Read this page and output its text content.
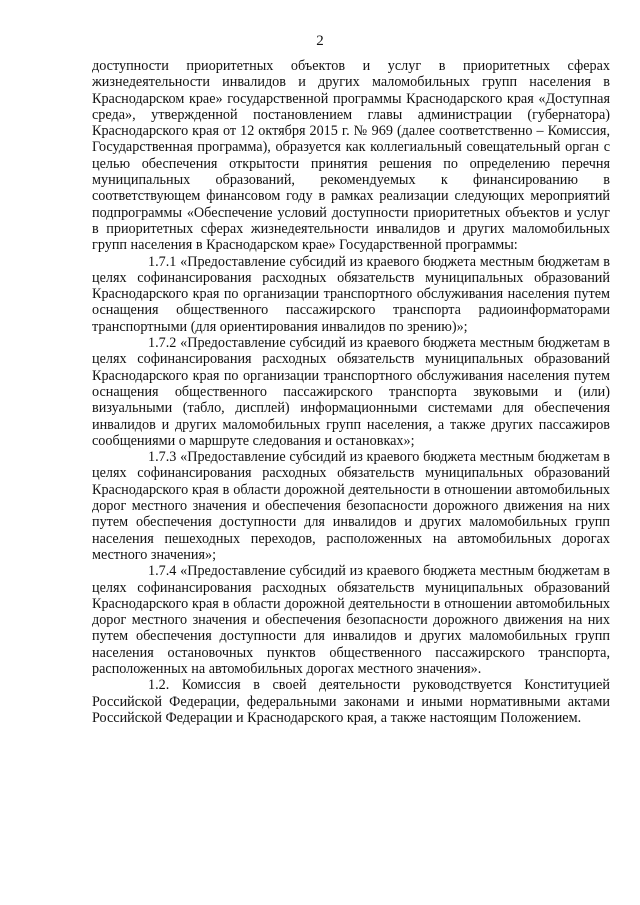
2

доступности приоритетных объектов и услуг в приоритетных сферах жизнедеятельности инвалидов и других маломобильных групп населения в Краснодарском крае» государственной программы Краснодарского края «Доступная среда», утвержденной постановлением главы администрации (губернатора) Краснодарского края от 12 октября 2015 г. № 969 (далее соответственно – Комиссия, Государственная программа), образуется как коллегиальный совещательный орган с целью обеспечения открытости принятия решения по определению перечня муниципальных образований, рекомендуемых к финансированию в соответствующем финансовом году в рамках реализации следующих мероприятий подпрограммы «Обеспечение условий доступности приоритетных объектов и услуг в приоритетных сферах жизнедеятельности инвалидов и других маломобильных групп населения в Краснодарском крае» Государственной программы:

1.7.1 «Предоставление субсидий из краевого бюджета местным бюджетам в целях софинансирования расходных обязательств муниципальных образований Краснодарского края по организации транспортного обслуживания населения путем оснащения общественного пассажирского транспорта радиоинформаторами транспортными (для ориентирования инвалидов по зрению)»;

1.7.2 «Предоставление субсидий из краевого бюджета местным бюджетам в целях софинансирования расходных обязательств муниципальных образований Краснодарского края по организации транспортного обслуживания населения путем оснащения общественного пассажирского транспорта звуковыми и (или) визуальными (табло, дисплей) информационными системами для обеспечения инвалидов и других маломобильных групп населения, а также других пассажиров сообщениями о маршруте следования и остановках»;

1.7.3 «Предоставление субсидий из краевого бюджета местным бюджетам в целях софинансирования расходных обязательств муниципальных образований Краснодарского края в области дорожной деятельности в отношении автомобильных дорог местного значения и обеспечения безопасности дорожного движения на них путем обеспечения доступности для инвалидов и других маломобильных групп населения пешеходных переходов, расположенных на автомобильных дорогах местного значения»;

1.7.4 «Предоставление субсидий из краевого бюджета местным бюджетам в целях софинансирования расходных обязательств муниципальных образований Краснодарского края в области дорожной деятельности в отношении автомобильных дорог местного значения и обеспечения безопасности дорожного движения на них путем обеспечения доступности для инвалидов и других маломобильных групп населения остановочных пунктов общественного пассажирского транспорта, расположенных на автомобильных дорогах местного значения».

1.2. Комиссия в своей деятельности руководствуется Конституцией Российской Федерации, федеральными законами и иными нормативными актами Российской Федерации и Краснодарского края, а также настоящим Положением.
